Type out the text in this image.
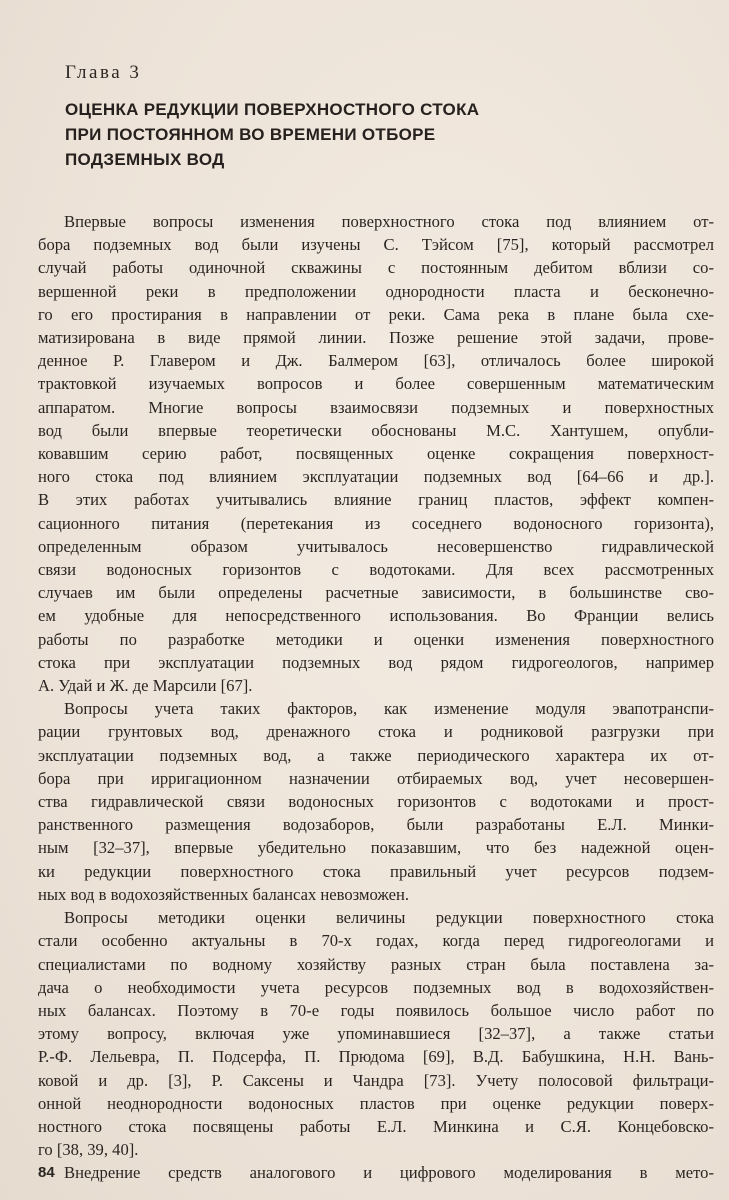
Глава 3
ОЦЕНКА РЕДУКЦИИ ПОВЕРХНОСТНОГО СТОКА
ПРИ ПОСТОЯННОМ ВО ВРЕМЕНИ ОТБОРЕ
ПОДЗЕМНЫХ ВОД

Впервые вопросы изменения поверхностного стока под влиянием от-
бора подземных вод были изучены С. Тэйсом [75], который рассмотрел
случай работы одиночной скважины с постоянным дебитом вблизи со-
вершенной реки в предположении однородности пласта и бесконечно-
го его простирания в направлении от реки. Сама река в плане была схе-
матизирована в виде прямой линии. Позже решение этой задачи, прове-
денное Р. Главером и Дж. Балмером [63], отличалось более широкой
трактовкой изучаемых вопросов и более совершенным математическим
аппаратом. Многие вопросы взаимосвязи подземных и поверхностных
вод были впервые теоретически обоснованы М.С. Хантушем, опубли-
ковавшим серию работ, посвященных оценке сокращения поверхност-
ного стока под влиянием эксплуатации подземных вод [64–66 и др.].
В этих работах учитывались влияние границ пластов, эффект компен-
сационного питания (перетекания из соседнего водоносного горизонта),
определенным образом учитывалось несовершенство гидравлической
связи водоносных горизонтов с водотоками. Для всех рассмотренных
случаев им были определены расчетные зависимости, в большинстве сво-
ем удобные для непосредственного использования. Во Франции велись
работы по разработке методики и оценки изменения поверхностного
стока при эксплуатации подземных вод рядом гидрогеологов, например
А. Удай и Ж. де Марсили [67].

Вопросы учета таких факторов, как изменение модуля эвапотранспи-
рации грунтовых вод, дренажного стока и родниковой разгрузки при
эксплуатации подземных вод, а также периодического характера их от-
бора при ирригационном назначении отбираемых вод, учет несовершен-
ства гидравлической связи водоносных горизонтов с водотоками и прост-
ранственного размещения водозаборов, были разработаны Е.Л. Минки-
ным [32–37], впервые убедительно показавшим, что без надежной оцен-
ки редукции поверхностного стока правильный учет ресурсов подзем-
ных вод в водохозяйственных балансах невозможен.

Вопросы методики оценки величины редукции поверхностного стока
стали особенно актуальны в 70-х годах, когда перед гидрогеологами и
специалистами по водному хозяйству разных стран была поставлена за-
дача о необходимости учета ресурсов подземных вод в водохозяйствен-
ных балансах. Поэтому в 70-е годы появилось большое число работ по
этому вопросу, включая уже упоминавшиеся [32–37], а также статьи
Р.-Ф. Лельевра, П. Подсерфа, П. Прюдома [69], В.Д. Бабушкина, Н.Н. Вань-
ковой и др. [3], Р. Саксены и Чандра [73]. Учету полосовой фильтраци-
онной неоднородности водоносных пластов при оценке редукции поверх-
ностного стока посвящены работы Е.Л. Минкина и С.Я. Концебовско-
го [38, 39, 40].

Внедрение средств аналогового и цифрового моделирования в мето-

84
